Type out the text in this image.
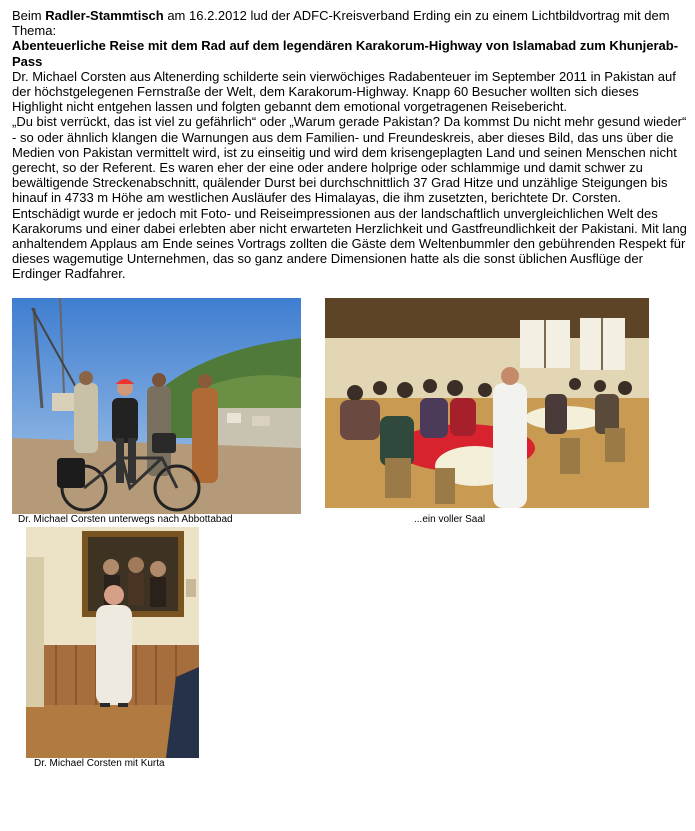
Beim Radler-Stammtisch am 16.2.2012 lud der ADFC-Kreisverband Erding ein zu einem Lichtbildvortrag mit dem Thema:

Abenteuerliche Reise mit dem Rad auf dem legendären Karakorum-Highway von Islamabad zum Khunjerab-Pass

Dr. Michael Corsten aus Altenerding schilderte sein vierwöchiges Radabenteuer im September 2011 in Pakistan auf der höchstgelegenen Fernstraße der Welt, dem Karakorum-Highway. Knapp 60 Besucher wollten sich dieses Highlight nicht entgehen lassen und folgten gebannt dem emotional vorgetragenen Reisebericht.

„Du bist verrückt, das ist viel zu gefährlich“ oder „Warum gerade Pakistan? Da kommst Du nicht mehr gesund wieder“ - so oder ähnlich klangen die Warnungen aus dem Familien- und Freundeskreis, aber dieses Bild, das uns über die Medien von Pakistan vermittelt wird, ist zu einseitig und wird dem krisengeplagten Land und seinen Menschen nicht gerecht, so der Referent. Es waren eher der eine oder andere holprige oder schlammige und damit schwer zu bewältigende Streckenabschnitt, quälender Durst bei durchschnittlich 37 Grad Hitze und unzählige Steigungen bis hinauf in 4733 m Höhe am westlichen Ausläufer des Himalayas, die ihm zusetzten, berichtete Dr. Corsten. Entschädigt wurde er jedoch mit Foto- und Reiseimpressionen aus der landschaftlich unvergleichlichen Welt des Karakorums und einer dabei erlebten aber nicht erwarteten Herzlichkeit und Gastfreundlichkeit der Pakistani. Mit lang anhaltendem Applaus am Ende seines Vortrags zollten die Gäste dem Weltenbummler den gebührenden Respekt für dieses wagemutige Unternehmen, das so ganz andere Dimensionen hatte als die sonst üblichen Ausflüge der Erdinger Radfahrer.

Dr. Michael Corsten unterwegs nach Abbottabad	...ein voller Saal
Dr. Michael Corsten mit Kurta
